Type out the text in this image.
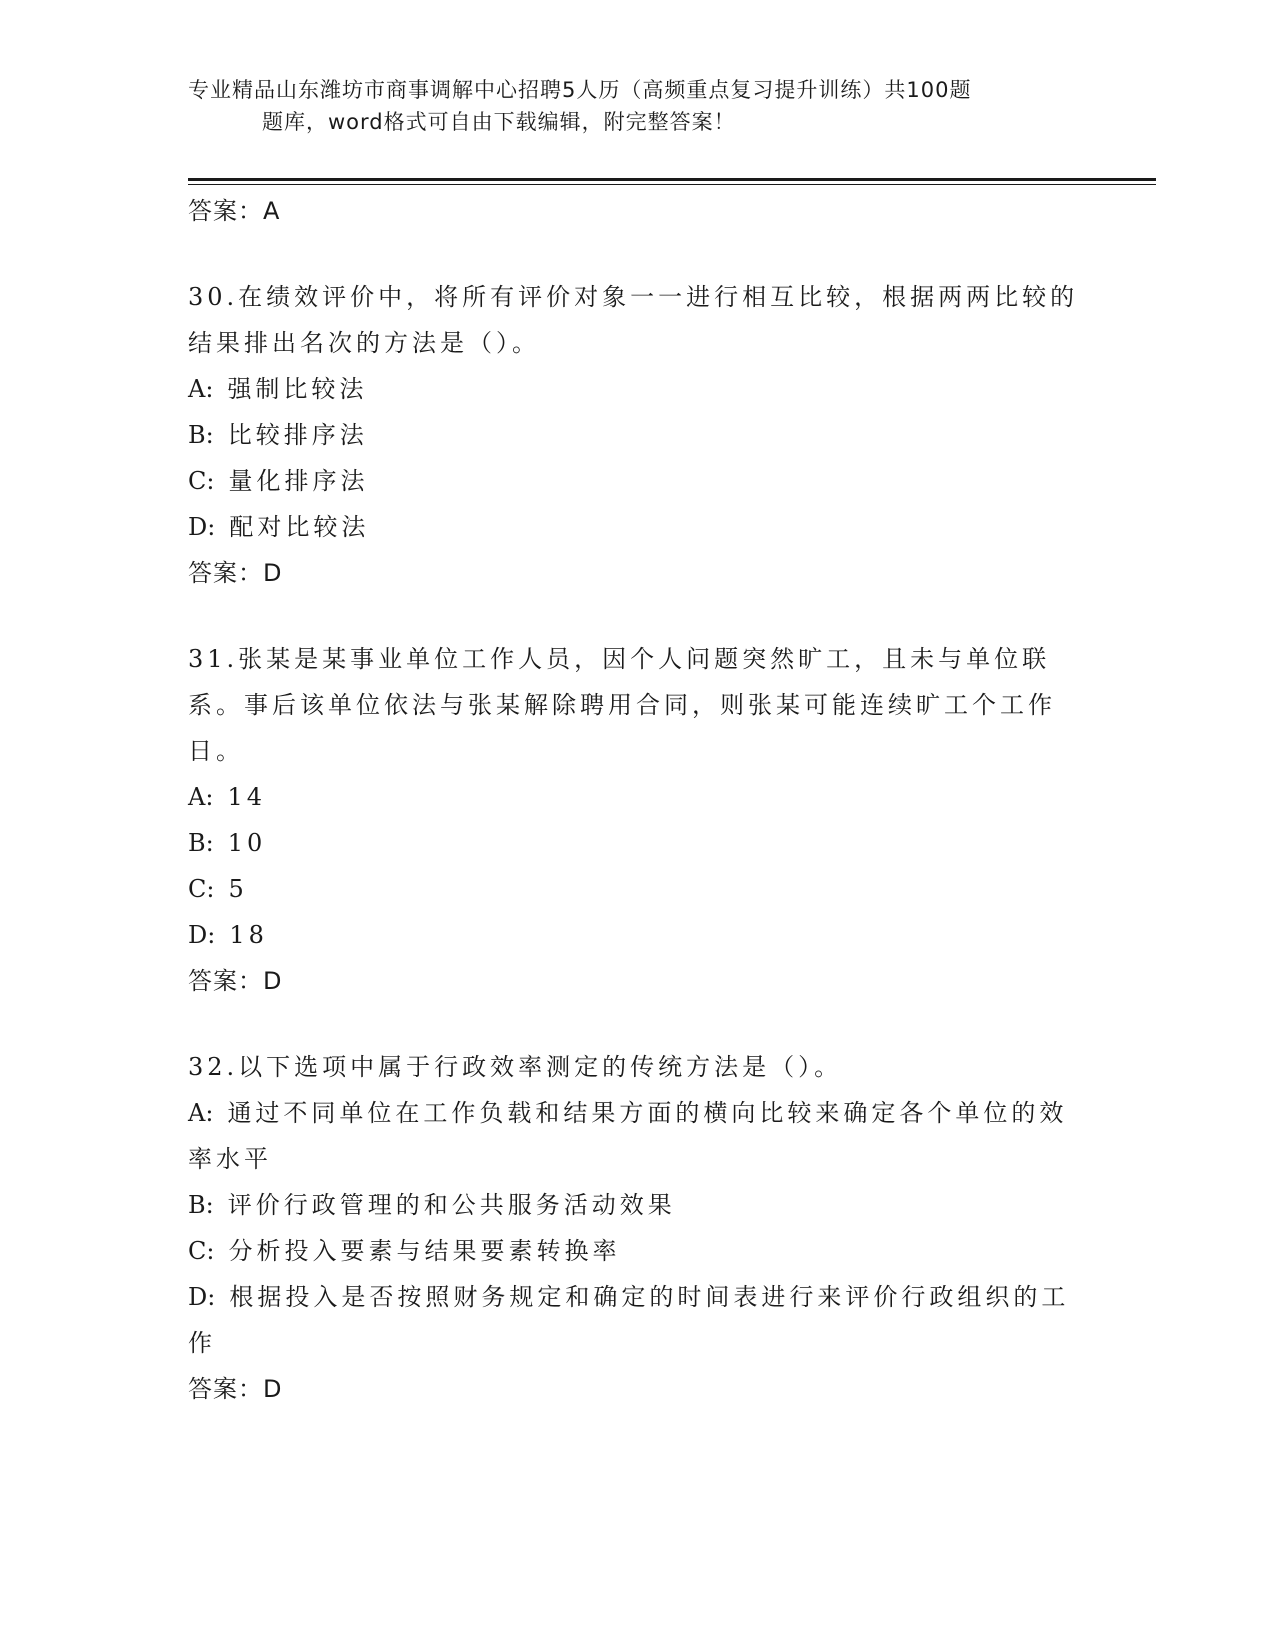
专业精品山东潍坊市商事调解中心招聘5人历（高频重点复习提升训练）共100题
题库，word格式可自由下载编辑，附完整答案！
答案：A
30.在绩效评价中，将所有评价对象一一进行相互比较，根据两两比较的结果排出名次的方法是（）。
A: 强制比较法
B: 比较排序法
C: 量化排序法
D: 配对比较法
答案：D
31.张某是某事业单位工作人员，因个人问题突然旷工，且未与单位联系。事后该单位依法与张某解除聘用合同，则张某可能连续旷工个工作日。
A: 14
B: 10
C: 5
D: 18
答案：D
32.以下选项中属于行政效率测定的传统方法是（）。
A: 通过不同单位在工作负载和结果方面的横向比较来确定各个单位的效率水平
B: 评价行政管理的和公共服务活动效果
C: 分析投入要素与结果要素转换率
D: 根据投入是否按照财务规定和确定的时间表进行来评价行政组织的工作
答案：D
